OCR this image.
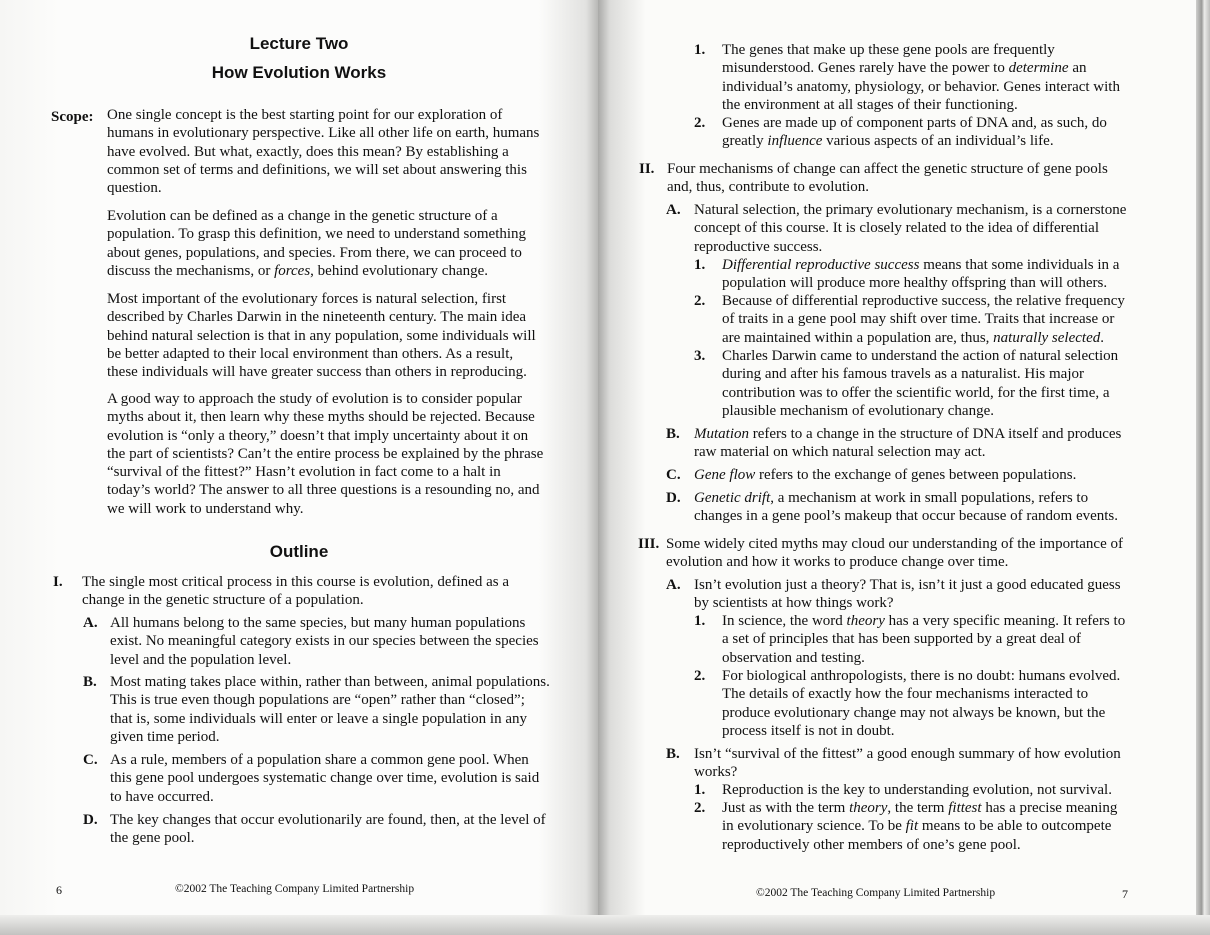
Lecture Two
How Evolution Works
Scope: One single concept is the best starting point for our exploration of humans in evolutionary perspective. Like all other life on earth, humans have evolved. But what, exactly, does this mean? By establishing a common set of terms and definitions, we will set about answering this question.

Evolution can be defined as a change in the genetic structure of a population. To grasp this definition, we need to understand something about genes, populations, and species. From there, we can proceed to discuss the mechanisms, or forces, behind evolutionary change.

Most important of the evolutionary forces is natural selection, first described by Charles Darwin in the nineteenth century. The main idea behind natural selection is that in any population, some individuals will be better adapted to their local environment than others. As a result, these individuals will have greater success than others in reproducing.

A good way to approach the study of evolution is to consider popular myths about it, then learn why these myths should be rejected. Because evolution is “only a theory,” doesn’t that imply uncertainty about it on the part of scientists? Can’t the entire process be explained by the phrase “survival of the fittest?” Hasn’t evolution in fact come to a halt in today’s world? The answer to all three questions is a resounding no, and we will work to understand why.

Outline
I. The single most critical process in this course is evolution, defined as a change in the genetic structure of a population.

A. All humans belong to the same species, but many human populations exist. No meaningful category exists in our species between the species level and the population level.

B. Most mating takes place within, rather than between, animal populations. This is true even though populations are “open” rather than “closed”; that is, some individuals will enter or leave a single population in any given time period.

C. As a rule, members of a population share a common gene pool. When this gene pool undergoes systematic change over time, evolution is said to have occurred.

D. The key changes that occur evolutionarily are found, then, at the level of the gene pool.

6	©2002 The Teaching Company Limited Partnership
1. The genes that make up these gene pools are frequently misunderstood. Genes rarely have the power to determine an individual’s anatomy, physiology, or behavior. Genes interact with the environment at all stages of their functioning.

2. Genes are made up of component parts of DNA and, as such, do greatly influence various aspects of an individual’s life.

II. Four mechanisms of change can affect the genetic structure of gene pools and, thus, contribute to evolution.

A. Natural selection, the primary evolutionary mechanism, is a cornerstone concept of this course. It is closely related to the idea of differential reproductive success.

1. Differential reproductive success means that some individuals in a population will produce more healthy offspring than will others.

2. Because of differential reproductive success, the relative frequency of traits in a gene pool may shift over time. Traits that increase or are maintained within a population are, thus, naturally selected.

3. Charles Darwin came to understand the action of natural selection during and after his famous travels as a naturalist. His major contribution was to offer the scientific world, for the first time, a plausible mechanism of evolutionary change.

B. Mutation refers to a change in the structure of DNA itself and produces raw material on which natural selection may act.

C. Gene flow refers to the exchange of genes between populations.

D. Genetic drift, a mechanism at work in small populations, refers to changes in a gene pool’s makeup that occur because of random events.

III. Some widely cited myths may cloud our understanding of the importance of evolution and how it works to produce change over time.

A. Isn’t evolution just a theory? That is, isn’t it just a good educated guess by scientists at how things work?

1. In science, the word theory has a very specific meaning. It refers to a set of principles that has been supported by a great deal of observation and testing.

2. For biological anthropologists, there is no doubt: humans evolved. The details of exactly how the four mechanisms interacted to produce evolutionary change may not always be known, but the process itself is not in doubt.

B. Isn’t “survival of the fittest” a good enough summary of how evolution works?

1. Reproduction is the key to understanding evolution, not survival.

2. Just as with the term theory, the term fittest has a precise meaning in evolutionary science. To be fit means to be able to outcompete reproductively other members of one’s gene pool.

©2002 The Teaching Company Limited Partnership	7
